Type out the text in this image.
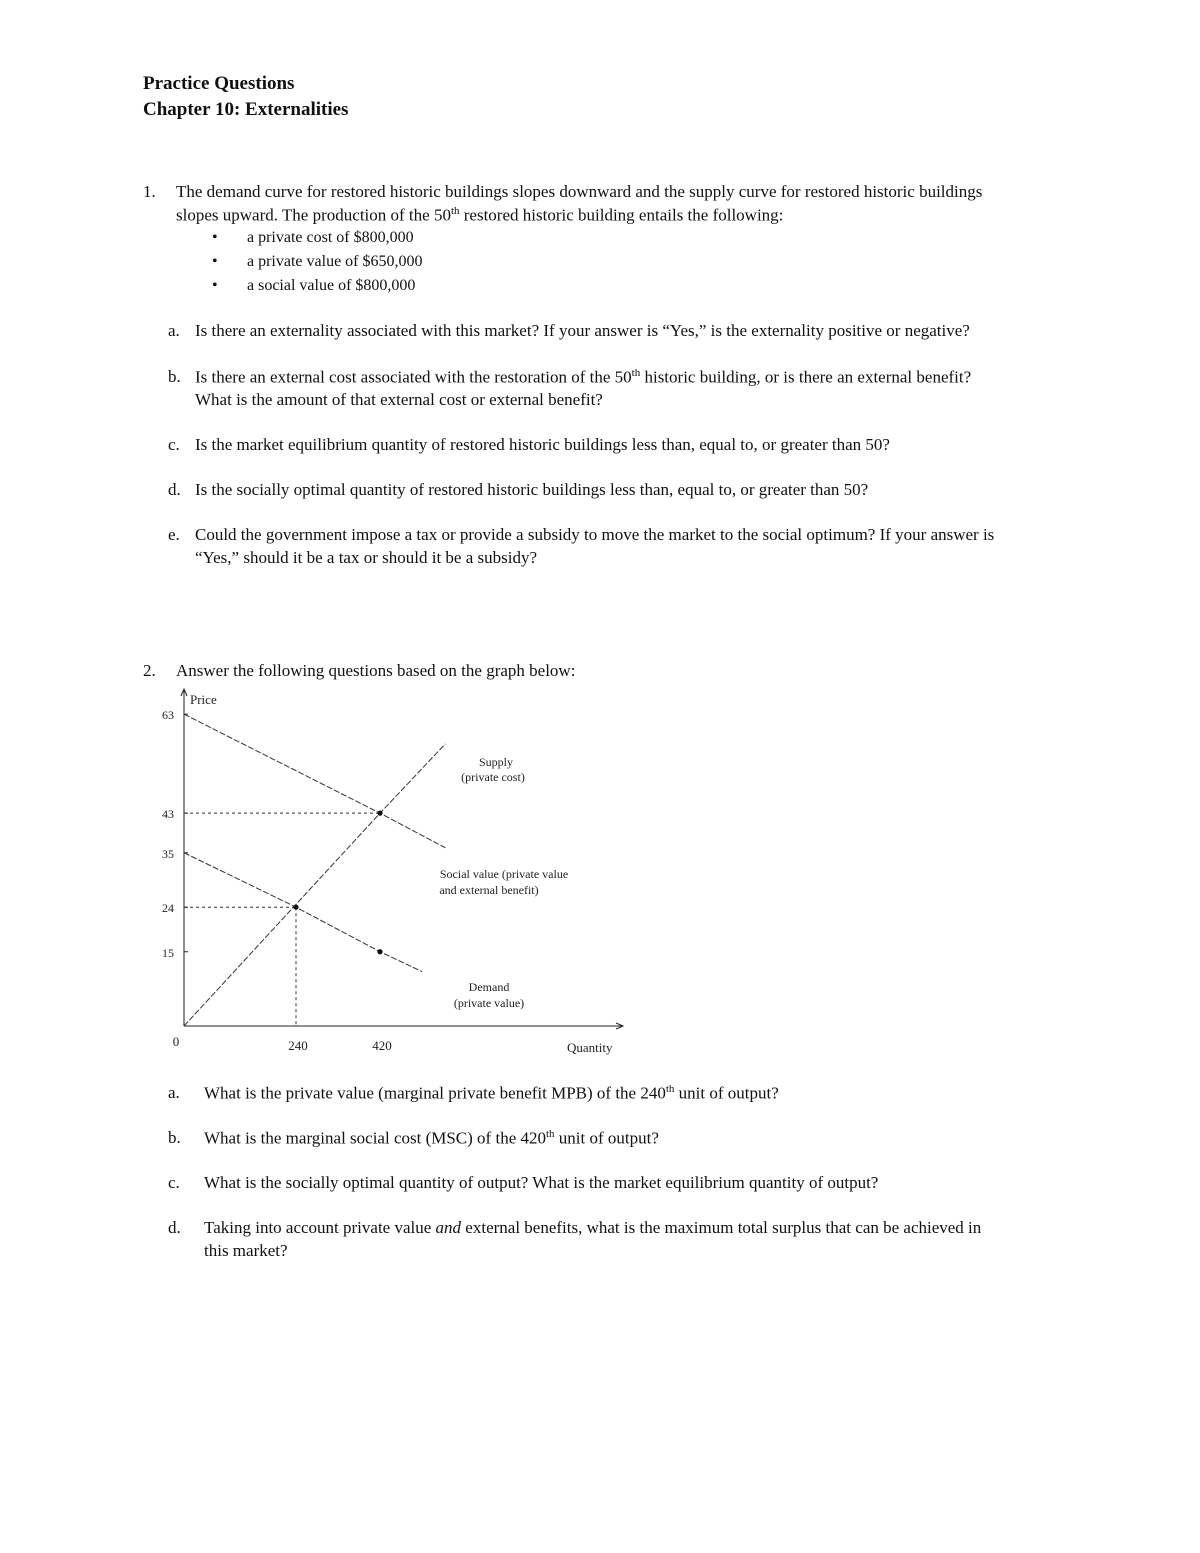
Practice Questions
Chapter 10: Externalities
1. The demand curve for restored historic buildings slopes downward and the supply curve for restored historic buildings
slopes upward. The production of the 50th restored historic building entails the following:
• a private cost of $800,000
• a private value of $650,000
• a social value of $800,000
a. Is there an externality associated with this market? If your answer is “Yes,” is the externality positive or negative?
b. Is there an external cost associated with the restoration of the 50th historic building, or is there an external benefit?
What is the amount of that external cost or external benefit?
c. Is the market equilibrium quantity of restored historic buildings less than, equal to, or greater than 50?
d. Is the socially optimal quantity of restored historic buildings less than, equal to, or greater than 50?
e. Could the government impose a tax or provide a subsidy to move the market to the social optimum? If your answer is
“Yes,” should it be a tax or should it be a subsidy?
2. Answer the following questions based on the graph below:
Price
Quantity
0
63
43
35
24
15
240	420
Supply
(private cost)
Social value (private value
and external benefit)
Demand
(private value)
a. What is the private value (marginal private benefit MPB) of the 240th unit of output?
b. What is the marginal social cost (MSC) of the 420th unit of output?
c. What is the socially optimal quantity of output? What is the market equilibrium quantity of output?
d. Taking into account private value and external benefits, what is the maximum total surplus that can be achieved in
this market?
